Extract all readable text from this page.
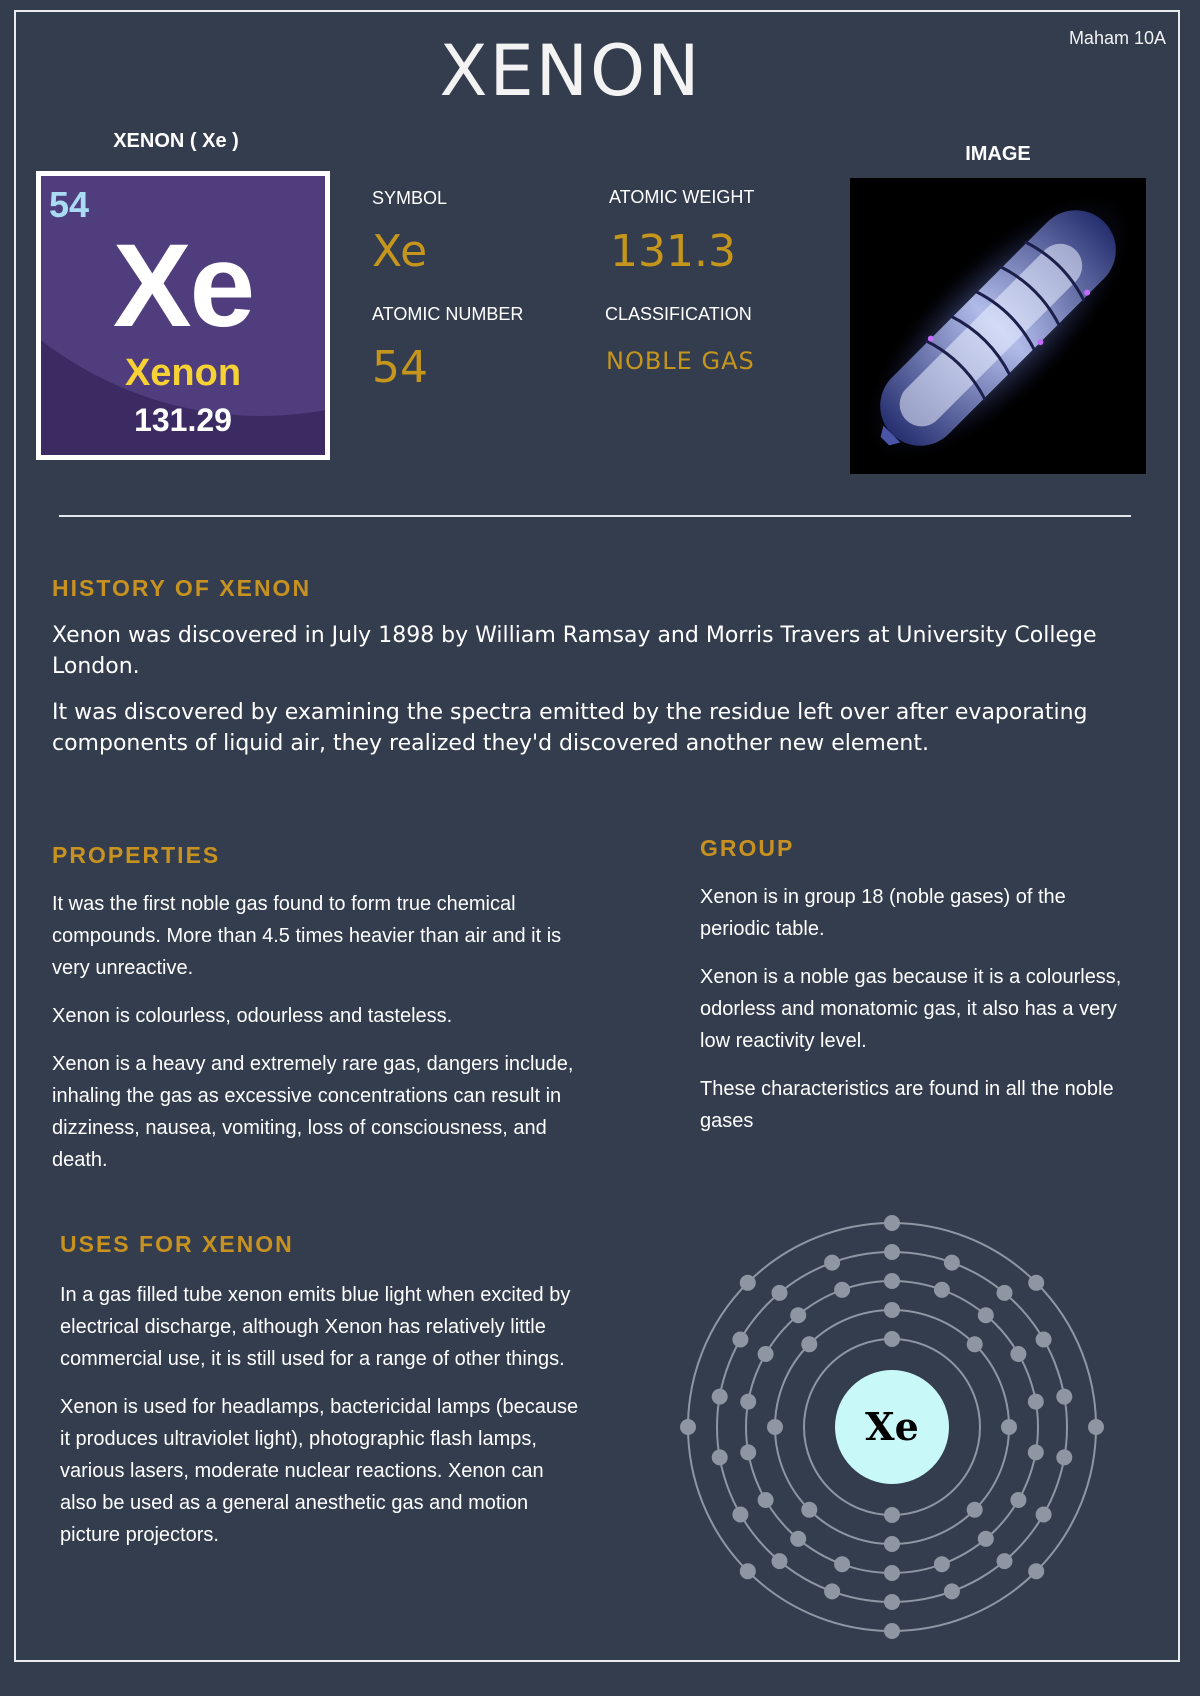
Maham 10A
XENON
XENON ( Xe )
54
Xe
Xenon
131.29
SYMBOL
Xe
ATOMIC WEIGHT
131.3
ATOMIC NUMBER
54
CLASSIFICATION
NOBLE GAS
IMAGE
HISTORY OF XENON

Xenon was discovered in July 1898 by William Ramsay and Morris Travers at University College London.

It was discovered by examining the spectra emitted by the residue left over after evaporating components of liquid air, they realized they'd discovered another new element.

PROPERTIES

It was the first noble gas found to form true chemical compounds. More than 4.5 times heavier than air and it is very unreactive.

Xenon is colourless, odourless and tasteless.

Xenon is a heavy and extremely rare gas, dangers include, inhaling the gas as excessive concentrations can result in dizziness, nausea, vomiting, loss of consciousness, and death.

GROUP

Xenon is in group 18 (noble gases) of the periodic table.

Xenon is a noble gas because it is a colourless, odorless and monatomic gas, it also has a very low reactivity level.

These characteristics are found in all the noble gases

USES FOR XENON

In a gas filled tube xenon emits blue light when excited by electrical discharge, although Xenon has relatively little commercial use, it is still used for a range of other things.

Xenon is used for headlamps, bactericidal lamps (because it produces ultraviolet light), photographic flash lamps, various lasers, moderate nuclear reactions. Xenon can also be used as a general anesthetic gas and motion picture projectors.

Xe
